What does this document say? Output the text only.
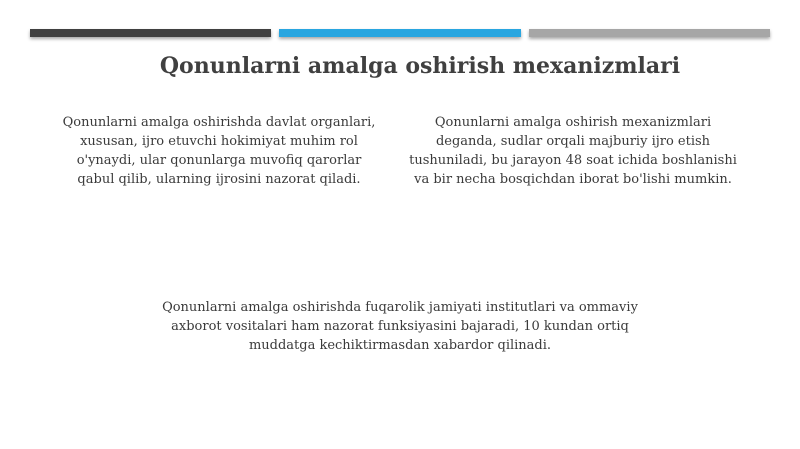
Qonunlarni amalga oshirish mexanizmlari
Qonunlarni amalga oshirishda davlat organlari, xususan, ijro etuvchi hokimiyat muhim rol o'ynaydi, ular qonunlarga muvofiq qarorlar qabul qilib, ularning ijrosini nazorat qiladi.
Qonunlarni amalga oshirish mexanizmlari deganda, sudlar orqali majburiy ijro etish tushuniladi, bu jarayon 48 soat ichida boshlanishi va bir necha bosqichdan iborat bo'lishi mumkin.
Qonunlarni amalga oshirishda fuqarolik jamiyati institutlari va ommaviy axborot vositalari ham nazorat funksiyasini bajaradi, 10 kundan ortiq muddatga kechiktirmasdan xabardor qilinadi.
